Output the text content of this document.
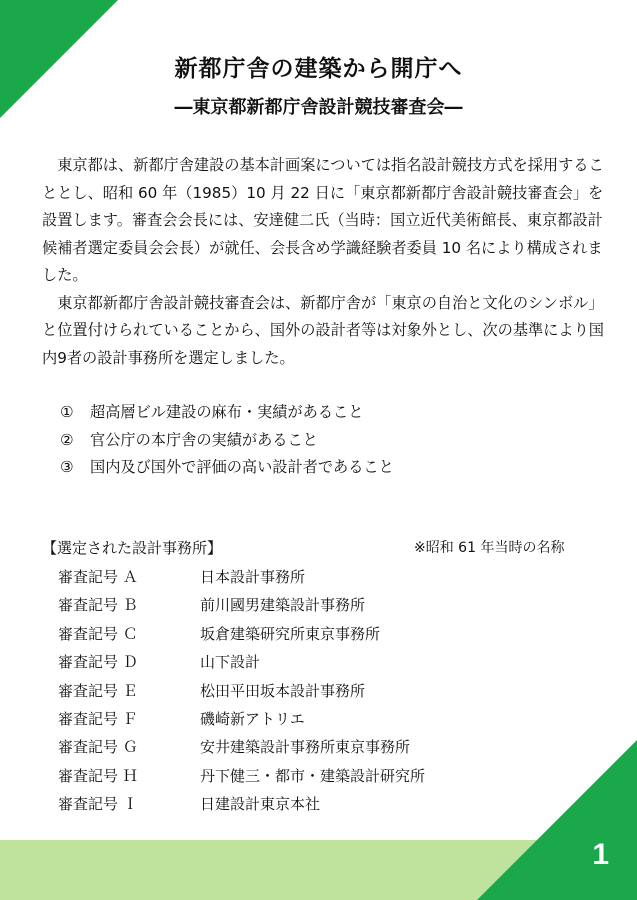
1
新都庁舎の建築から開庁へ
―東京都新都庁舎設計競技審査会―

東京都は、新都庁舎建設の基本計画案については指名設計競技方式を採用することとし、昭和 60 年（1985）10 月 22 日に「東京都新都庁舎設計競技審査会」を設置します。審査会会長には、安達健二氏（当時：国立近代美術館長、東京都設計候補者選定委員会会長）が就任、会長含め学識経験者委員 10 名により構成されました。

東京都新都庁舎設計競技審査会は、新都庁舎が「東京の自治と文化のシンボル」と位置付けられていることから、国外の設計者等は対象外とし、次の基準により国内9者の設計事務所を選定しました。

① 超高層ビル建設の麻布・実績があること
② 官公庁の本庁舎の実績があること
③ 国内及び国外で評価の高い設計者であること
【選定された設計事務所】	※昭和 61 年当時の名称
審査記号 Ａ	日本設計事務所
審査記号 Ｂ	前川國男建築設計事務所
審査記号 Ｃ	坂倉建築研究所東京事務所
審査記号 Ｄ	山下設計
審査記号 Ｅ	松田平田坂本設計事務所
審査記号 Ｆ	磯崎新アトリエ
審査記号 Ｇ	安井建築設計事務所東京事務所
審査記号 Ｈ	丹下健三・都市・建築設計研究所
審査記号 Ｉ	日建設計東京本社
